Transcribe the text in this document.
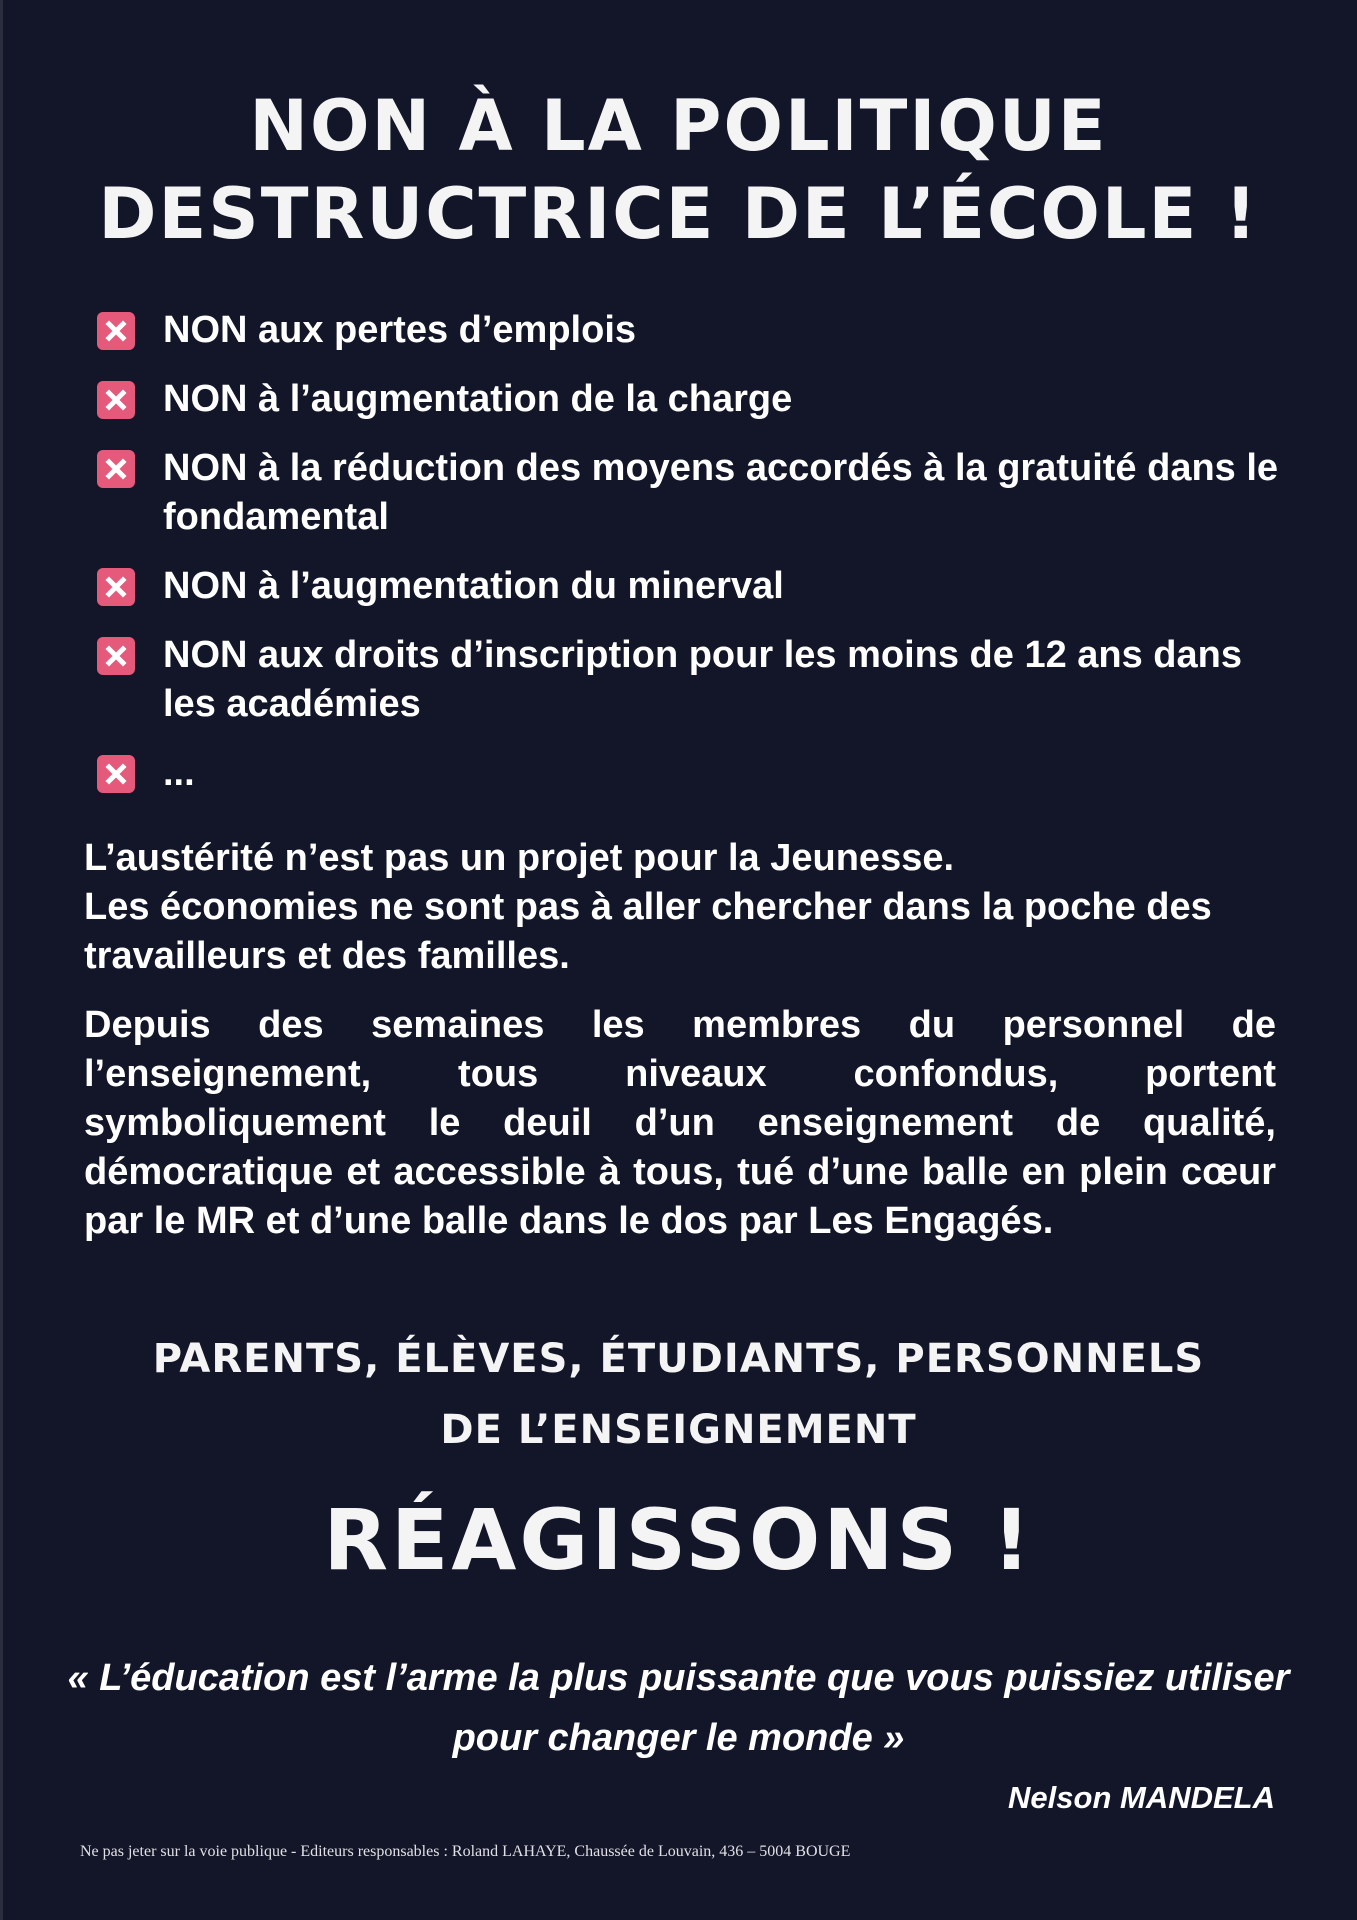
NON À LA POLITIQUE
DESTRUCTRICE DE L’ÉCOLE !
NON aux pertes d’emplois
NON à l’augmentation de la charge
NON à la réduction des moyens accordés à la gratuité dans le fondamental
NON à l’augmentation du minerval
NON aux droits d’inscription pour les moins de 12 ans dans les académies
...

L’austérité n’est pas un projet pour la Jeunesse.
Les économies ne sont pas à aller chercher dans la poche des travailleurs et des familles.

Depuis des semaines les membres du personnel de l’enseignement, tous niveaux confondus, portent symboliquement le deuil d’un enseignement de qualité, démocratique et accessible à tous, tué d’une balle en plein cœur par le MR et d’une balle dans le dos par Les Engagés.

PARENTS, ÉLÈVES, ÉTUDIANTS, PERSONNELS
DE L’ENSEIGNEMENT
RÉAGISSONS !
« L’éducation est l’arme la plus puissante que vous puissiez utiliser pour changer le monde »
Nelson MANDELA
Ne pas jeter sur la voie publique - Editeurs responsables : Roland LAHAYE, Chaussée de Louvain, 436 – 5004 BOUGE
